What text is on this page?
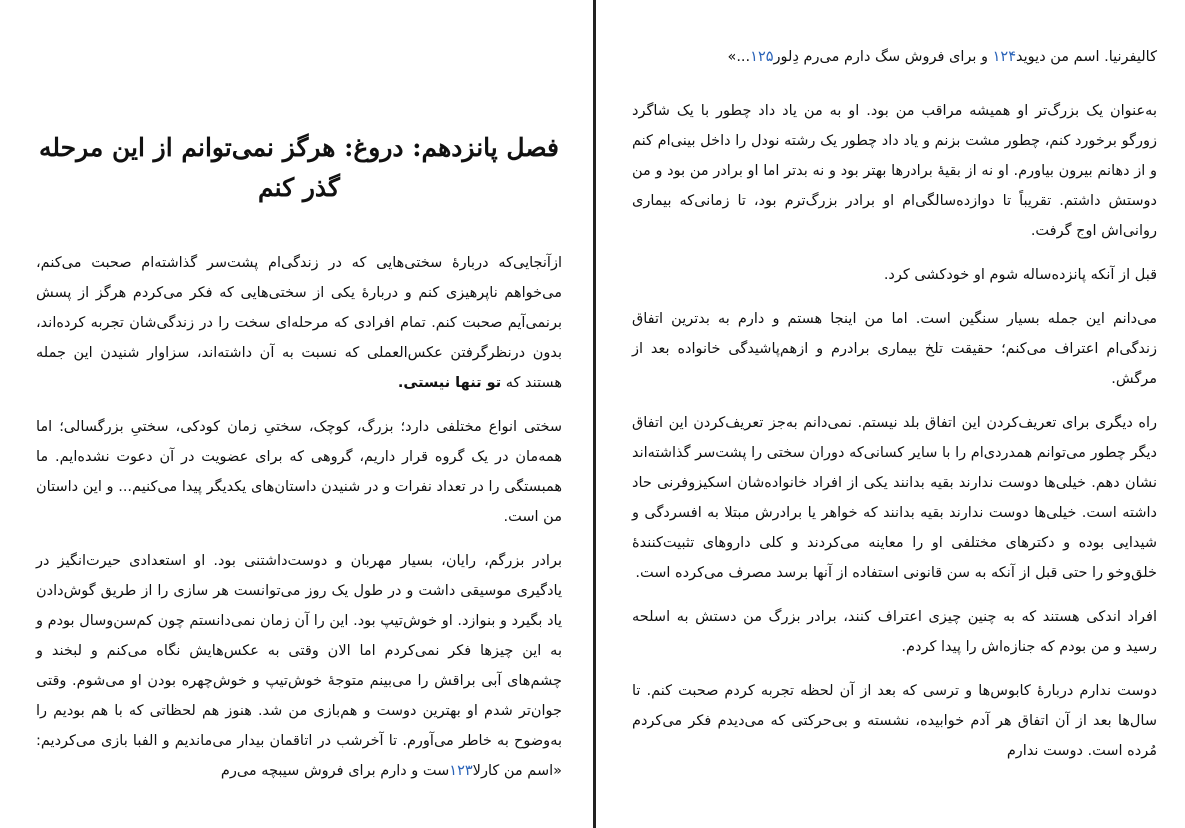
فصل پانزدهم: دروغ: هرگز نمی‌توانم از این مرحله گذر کنم

ازآنجایی‌که دربارهٔ سختی‌هایی که در زندگی‌ام پشت‌سر گذاشته‌ام صحبت می‌کنم، می‌خواهم ناپرهیزی کنم و دربارهٔ یکی از سختی‌هایی که فکر می‌کردم هرگز از پسش برنمی‌آیم صحبت کنم. تمام افرادی که مرحله‌ای سخت را در زندگی‌شان تجربه کرده‌اند، بدون درنظرگرفتن عکس‌العملی که نسبت به آن داشته‌اند، سزاوار شنیدن این جمله هستند که تو تنها نیستی.

سختی انواع مختلفی دارد؛ بزرگ، کوچک، سختیِ زمان کودکی، سختیِ بزرگسالی؛ اما همه‌مان در یک گروه قرار داریم، گروهی که برای عضویت در آن دعوت نشده‌ایم. ما همبستگی را در تعداد نفرات و در شنیدن داستان‌های یکدیگر پیدا می‌کنیم... و این داستان من است.

برادر بزرگم، رایان، بسیار مهربان و دوست‌داشتنی بود. او استعدادی حیرت‌انگیز در یادگیری موسیقی داشت و در طول یک روز می‌توانست هر سازی را از طریق گوش‌دادن یاد بگیرد و بنوازد. او خوش‌تیپ بود. این را آن زمان نمی‌دانستم چون کم‌سن‌وسال بودم و به این چیزها فکر نمی‌کردم اما الان وقتی به عکس‌هایش نگاه می‌کنم و لبخند و چشم‌های آبی براقش را می‌بینم متوجهٔ خوش‌تیپ و خوش‌چهره بودن او می‌شوم. وقتی جوان‌تر شدم او بهترین دوست و هم‌بازی من شد. هنوز هم لحظاتی که با هم بودیم را به‌وضوح به خاطر می‌آورم. تا آخرشب در اتاقمان بیدار می‌ماندیم و الفبا بازی می‌کردیم: «اسم من کارلا۱۲۳ست و دارم برای فروش سیبچه می‌رم

کالیفرنیا. اسم من دیوید۱۲۴ و برای فروش سگ دارم می‌رم دِلور۱۲۵...»

به‌عنوان یک بزرگ‌تر او همیشه مراقب من بود. او به من یاد داد چطور با یک شاگرد زورگو برخورد کنم، چطور مشت بزنم و یاد داد چطور یک رشته نودل را داخل بینی‌ام کنم و از دهانم بیرون بیاورم. او نه از بقیهٔ برادرها بهتر بود و نه بدتر اما او برادر من بود و من دوستش داشتم. تقریباً تا دوازده‌سالگی‌ام او برادر بزرگ‌ترم بود، تا زمانی‌که بیماری روانی‌اش اوج گرفت.

قبل از آنکه پانزده‌ساله شوم او خودکشی کرد.

می‌دانم این جمله بسیار سنگین است. اما من اینجا هستم و دارم به بدترین اتفاق زندگی‌ام اعتراف می‌کنم؛ حقیقت تلخ بیماری برادرم و ازهم‌پاشیدگی خانواده بعد از مرگش.

راه دیگری برای تعریف‌کردن این اتفاق بلد نیستم. نمی‌دانم به‌جز تعریف‌کردن این اتفاق دیگر چطور می‌توانم همدردی‌ام را با سایر کسانی‌که دوران سختی را پشت‌سر گذاشته‌اند نشان دهم. خیلی‌ها دوست ندارند بقیه بدانند یکی از افراد خانواده‌شان اسکیزوفرنی حاد داشته است. خیلی‌ها دوست ندارند بقیه بدانند که خواهر یا برادرش مبتلا به افسردگی و شیدایی بوده و دکترهای مختلفی او را معاینه می‌کردند و کلی داروهای تثبیت‌کنندهٔ خلق‌وخو را حتی قبل از آنکه به سن قانونی استفاده از آنها برسد مصرف می‌کرده است.

افراد اندکی هستند که به چنین چیزی اعتراف کنند، برادر بزرگ من دستش به اسلحه رسید و من بودم که جنازه‌اش را پیدا کردم.

دوست ندارم دربارهٔ کابوس‌ها و ترسی که بعد از آن لحظه تجربه کردم صحبت کنم. تا سال‌ها بعد از آن اتفاق هر آدم خوابیده، نشسته و بی‌حرکتی که می‌دیدم فکر می‌کردم مُرده است. دوست ندارم
